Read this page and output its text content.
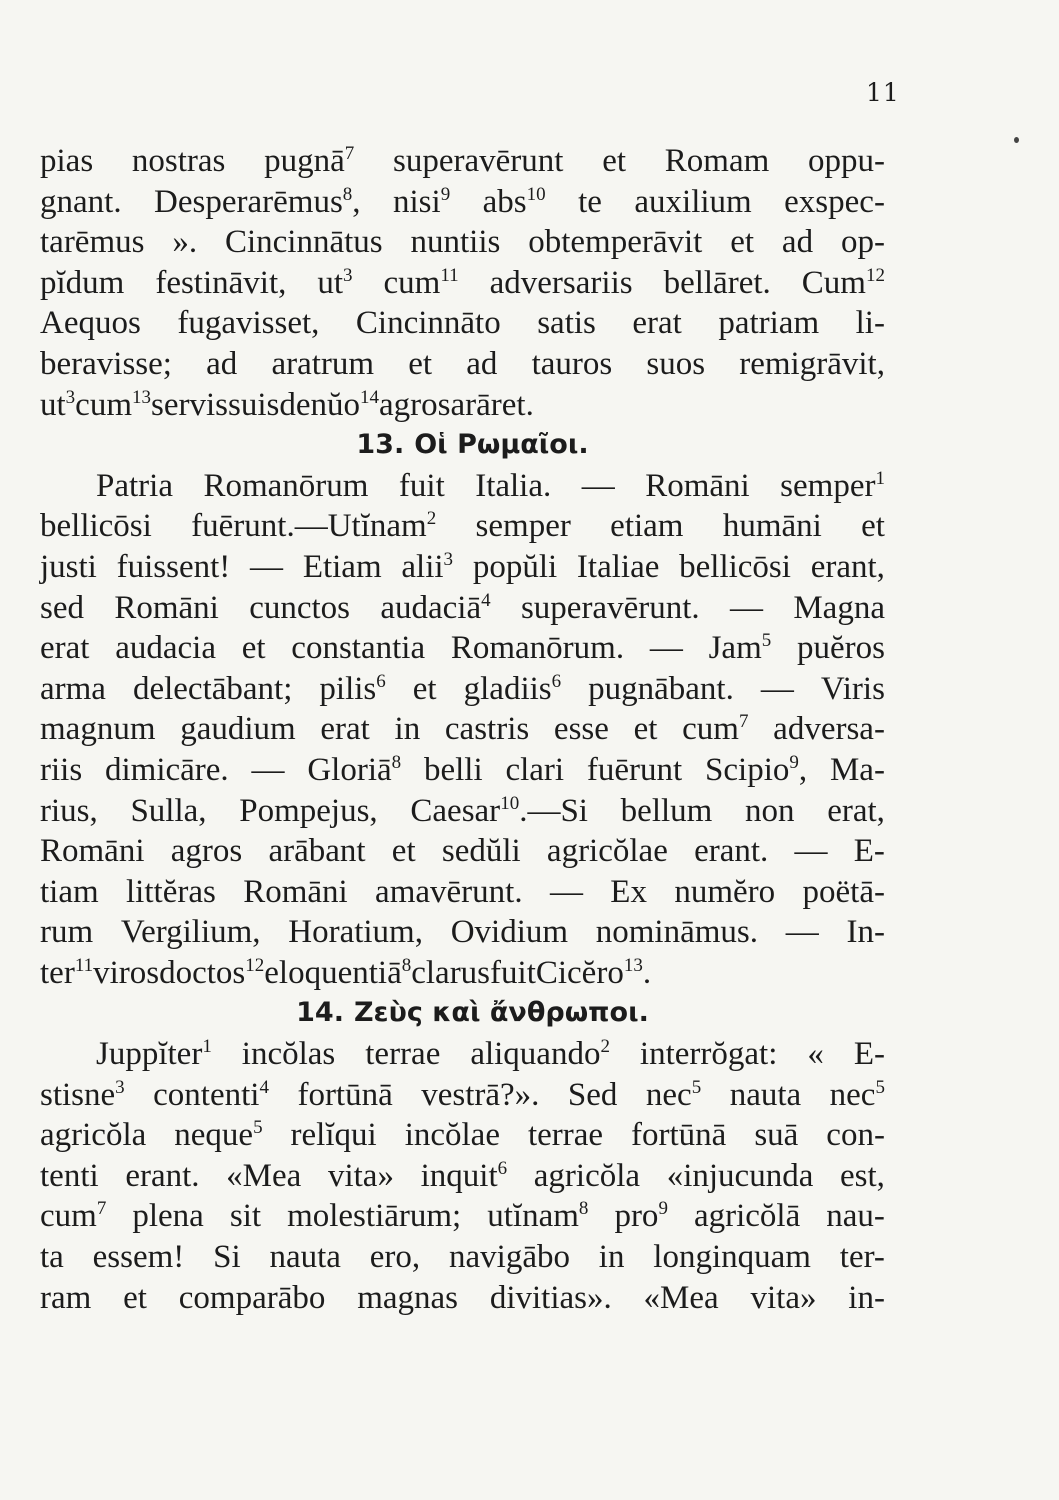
11
pias nostras pugnā$^7$ superavērunt et Romam oppu-
gnant. Desperarēmus$^8$, nisi$^9$ abs$^{10}$ te auxilium exspec-
tarēmus ». Cincinnātus nuntiis obtemperāvit et ad op-
pĭdum festināvit, $ut^3$ cum$^{11}$ adversariis bellāret. Cum$^{12}$
Aequos fugavisset, Cincinnāto satis erat patriam li-
beravisse; ad aratrum et ad tauros suos remigrāvit,
$ut^3$ cum$^{13}$ servis suis denŭo$^{14}$ agros arāret.
13. Οἱ Ρωμαῖοι.
Patria Romanōrum fuit Italia. — Romāni semper$^1$
bellicōsi fuērunt.—Utĭnam$^2$ semper etiam humāni et
justi fuissent! — Etiam alii$^3$ popŭli Italiae bellicōsi erant,
sed Romāni cunctos audaciā$^4$ superavērunt. — Magna
erat audacia et constantia Romanōrum. — Jam$^5$ puĕros
arma delectābant; pilis$^6$ et gladiis$^6$ pugnābant. — Viris
magnum gaudium erat in castris esse et cum$^7$ adversa-
riis dimicāre. — Gloriā$^8$ belli clari fuērunt Scipio$^9$, Ma-
rius, Sulla, Pompejus, Caesar$^{10}$.—Si bellum non erat,
Romāni agros arābant et sedŭli agricŏlae erant. — E-
tiam littĕras Romāni amavērunt. — Ex numĕro poëtā-
rum Vergilium, Horatium, Ovidium nomināmus. — In-
ter$^{11}$ viros doctos$^{12}$ eloquentiā$^8$ clarus fuit Cicĕro$^{13}$.
14. Ζεὺς καὶ ἄνθρωποι.
Juppĭter$^1$ incŏlas terrae aliquando$^2$ interrŏgat: « E-
stisne$^3$ contenti$^4$ fortūnā vestrā?». Sed nec$^5$ nauta nec$^5$
agricŏla neque$^5$ relĭqui incŏlae terrae fortūnā suā con-
tenti erant. «Mea vita» inquit$^6$ agricŏla «injucunda est,
cum$^7$ plena sit molestiārum; utĭnam$^8$ pro$^9$ agricŏlā nau-
ta essem! Si nauta ero, navigābo in longinquam ter-
ram et comparābo magnas divitias». «Mea vita» in-
